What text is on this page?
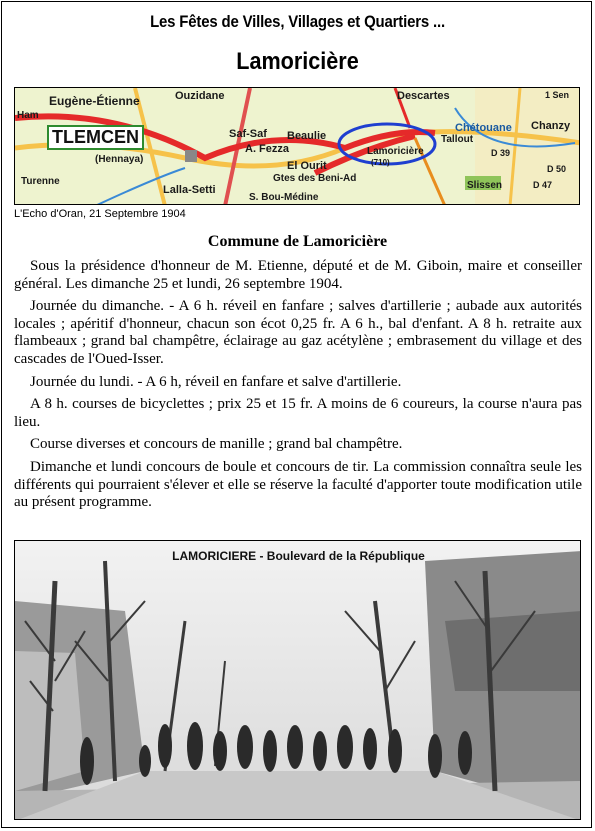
Les Fêtes de Villes, Villages et Quartiers ...
Lamoricière
Eugène-Étienne
(Hennaya)
TLEMCEN
Ouzidane
Saf-Saf
A. Fezza
Beaulie
El Ourit
Gtes des Beni-Ad
S. Bou-Médine
Lalla-Setti
Turenne
Descartes
Chétouane
Tallout
Lamoricière
(710)
Slissen
Chanzy
D 47
D 39
D 50
1 Sen
Ham
L'Echo d'Oran, 21 Septembre 1904
Commune de Lamoricière

Sous la présidence d'honneur de M. Etienne, député et de M. Giboin, maire et conseiller général. Les dimanche 25 et lundi, 26 septembre 1904.

Journée du dimanche. - A 6 h. réveil en fanfare ; salves d'artillerie ; aubade aux autorités locales ; apéritif d'honneur, chacun son écot 0,25 fr. A 6 h., bal d'enfant. A 8 h. retraite aux flambeaux ; grand bal champêtre, éclairage au gaz acétylène ; embrasement du village et des cascades de l'Oued-Isser.

Journée du lundi. - A 6 h, réveil en fanfare et salve d'artillerie.

A 8 h. courses de bicyclettes ; prix 25 et 15 fr. A moins de 6 coureurs, la course n'aura pas lieu.

Course diverses et concours de manille ; grand bal champêtre.

Dimanche et lundi concours de boule et concours de tir. La commission connaîtra seule les différents qui pourraient s'élever et elle se réserve la faculté d'apporter toute modification utile au présent programme.

LAMORICIERE - Boulevard de la République
